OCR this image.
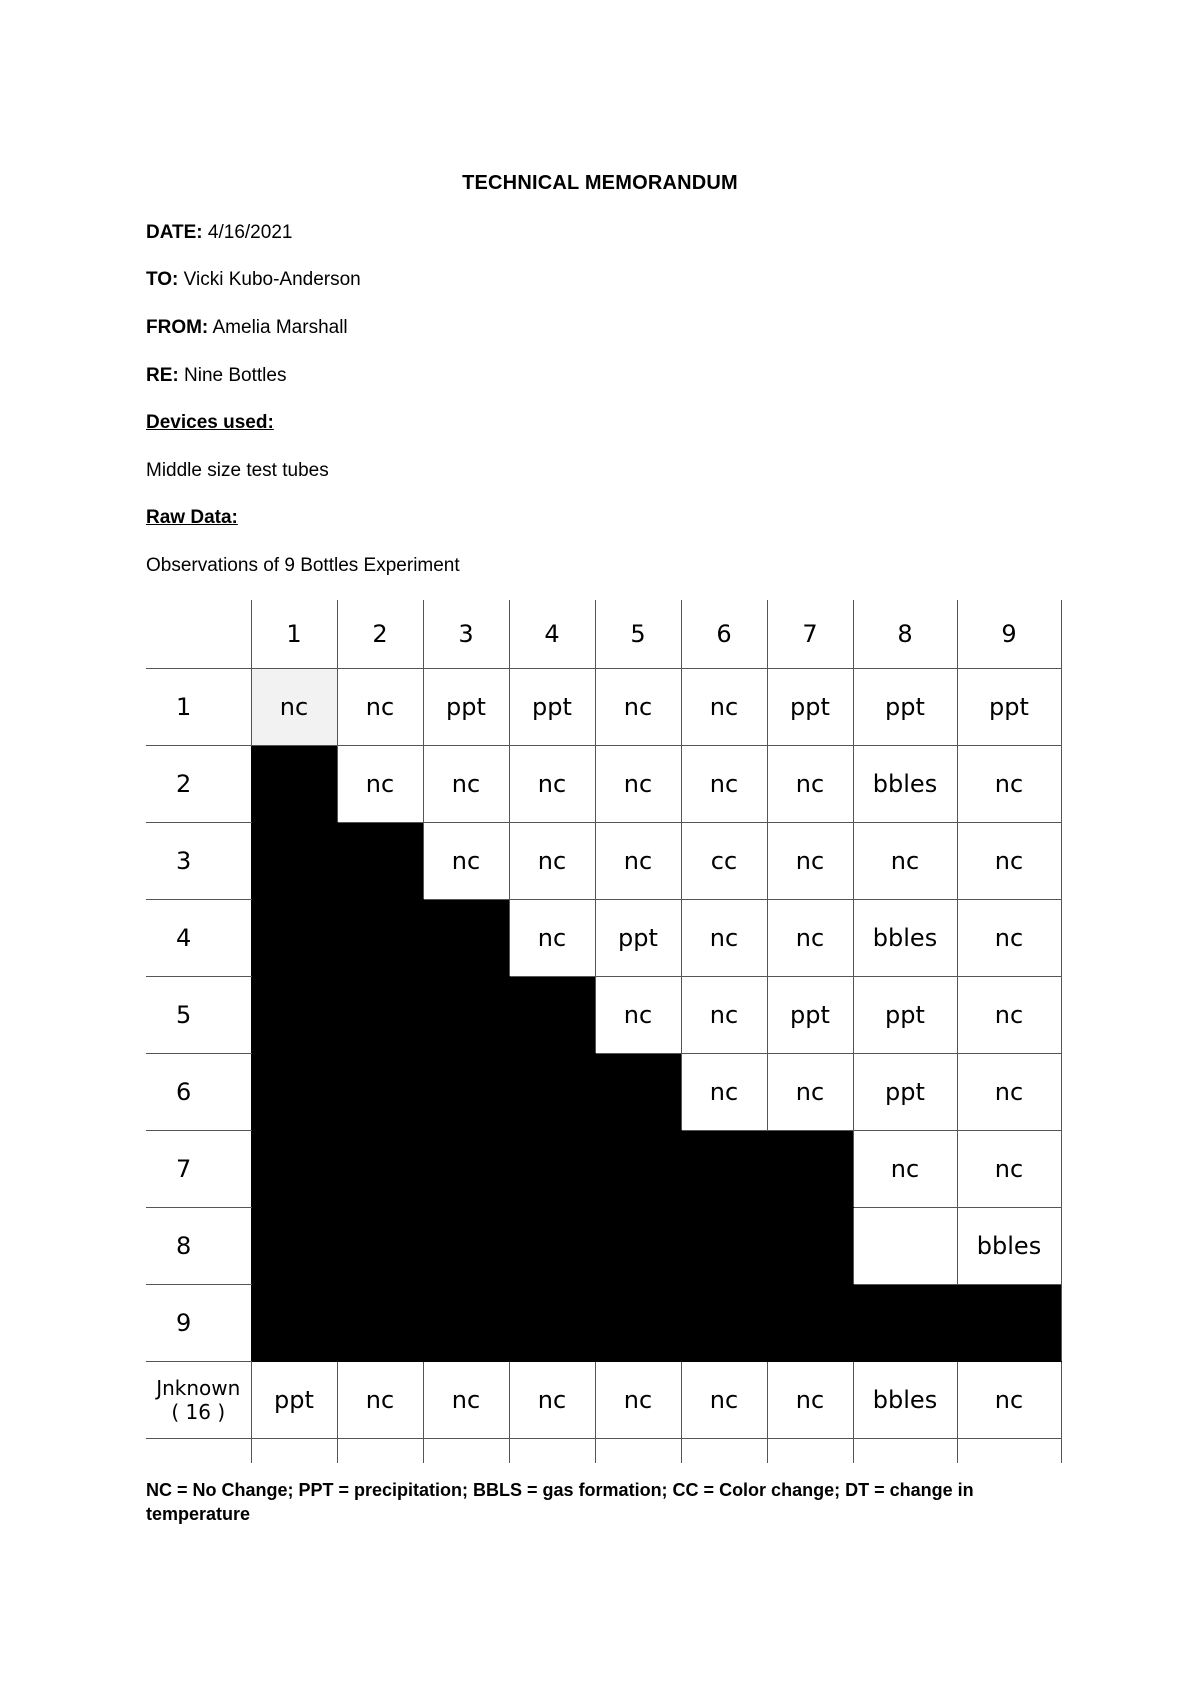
TECHNICAL MEMORANDUM
DATE: 4/16/2021
TO: Vicki Kubo-Anderson
FROM: Amelia Marshall
RE: Nine Bottles
Devices used:
Middle size test tubes
Raw Data:
Observations of 9 Bottles Experiment
	1	2	3	4	5	6	7	8	9
1	nc	nc	ppt	ppt	nc	nc	ppt	ppt	ppt
2		nc	nc	nc	nc	nc	nc	bbles	nc
3			nc	nc	nc	cc	nc	nc	nc
4				nc	ppt	nc	nc	bbles	nc
5					nc	nc	ppt	ppt	nc
6						nc	nc	ppt	nc
7								nc	nc
8									bbles
9									

Jnknown
( 16 )	ppt	nc	nc	nc	nc	nc	nc	bbles	nc

NC = No Change; PPT = precipitation; BBLS = gas formation; CC = Color change; DT = change in temperature
